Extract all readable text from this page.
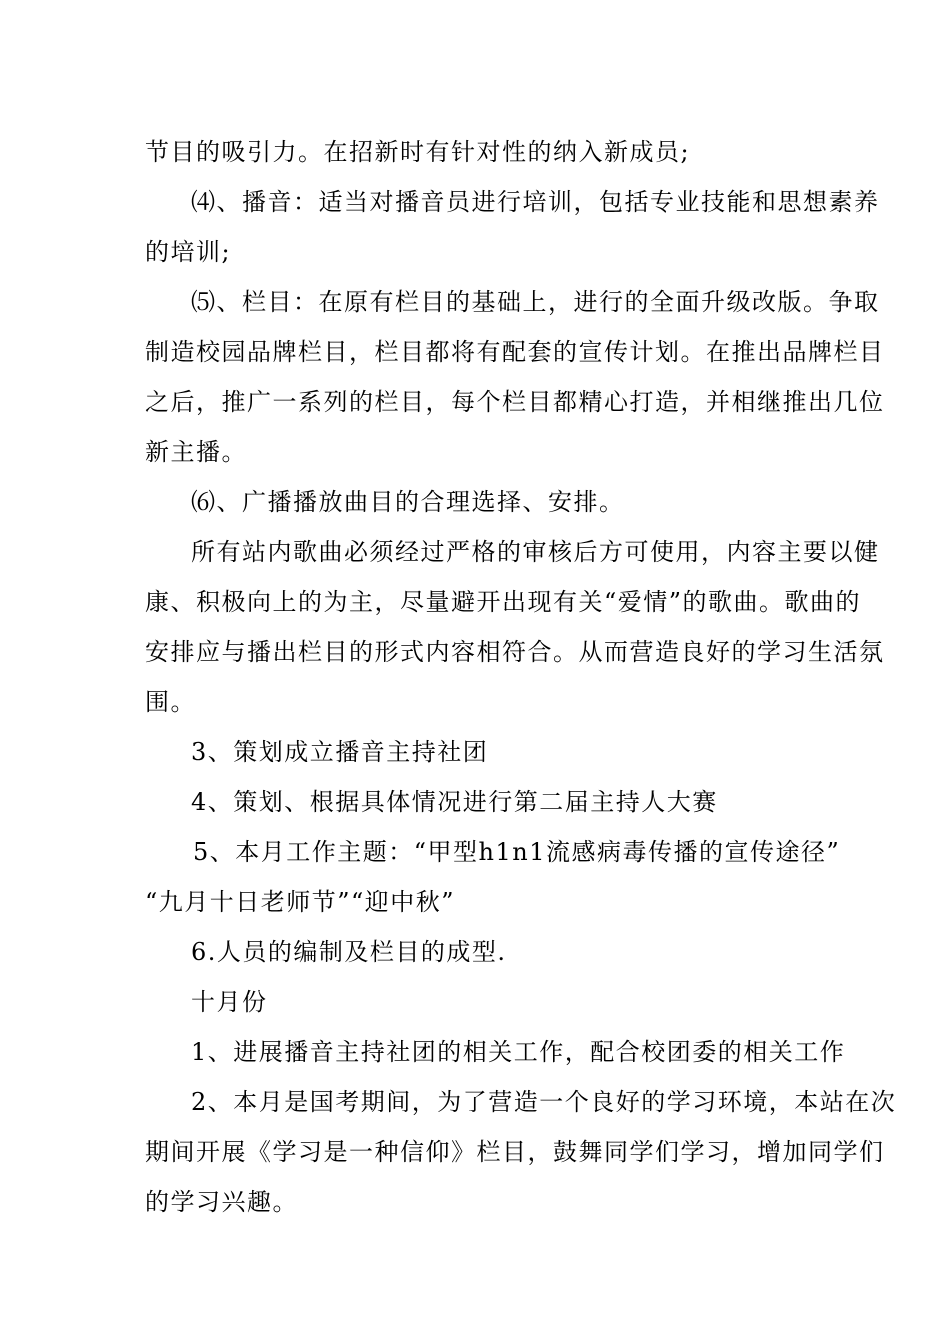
节目的吸引力。在招新时有针对性的纳入新成员;

⑷、播音：适当对播音员进行培训，包括专业技能和思想素养

的培训;

⑸、栏目：在原有栏目的基础上，进行的全面升级改版。争取

制造校园品牌栏目，栏目都将有配套的宣传计划。在推出品牌栏目

之后，推广一系列的栏目，每个栏目都精心打造，并相继推出几位

新主播。

⑹、广播播放曲目的合理选择、安排。

所有站内歌曲必须经过严格的审核后方可使用，内容主要以健

康、积极向上的为主，尽量避开出现有关“爱情”的歌曲。歌曲的

安排应与播出栏目的形式内容相符合。从而营造良好的学习生活氛

围。

3、策划成立播音主持社团

4、策划、根据具体情况进行第二届主持人大赛

5、本月工作主题：“甲型h1n1流感病毒传播的宣传途径”

“九月十日老师节”“迎中秋”

6.人员的编制及栏目的成型.

十月份

1、进展播音主持社团的相关工作，配合校团委的相关工作

2、本月是国考期间，为了营造一个良好的学习环境，本站在次

期间开展《学习是一种信仰》栏目，鼓舞同学们学习，增加同学们

的学习兴趣。
